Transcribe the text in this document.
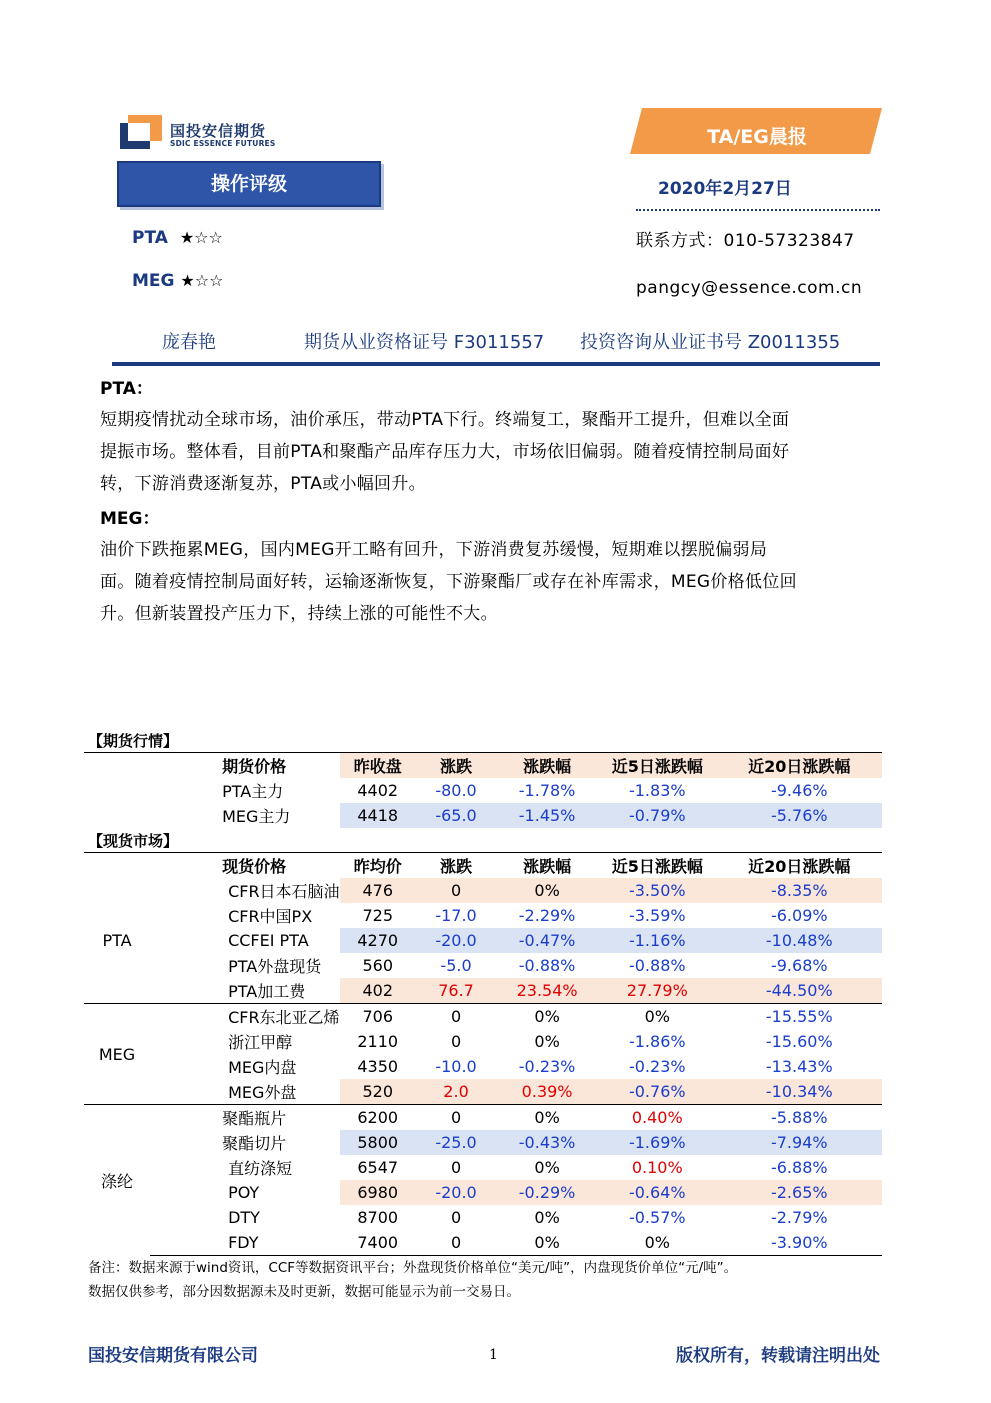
国投安信期货
SDIC ESSENCE FUTURES
操作评级
TA/EG晨报
2020年2月27日
联系方式：010-57323847
pangcy@essence.com.cn
PTA ★☆☆
MEG ★☆☆
庞春艳	期货从业资格证号 F3011557 投资咨询从业证书号 Z0011355
PTA：
短期疫情扰动全球市场，油价承压，带动PTA下行。终端复工，聚酯开工提升，但难以全面
提振市场。整体看，目前PTA和聚酯产品库存压力大，市场依旧偏弱。随着疫情控制局面好
转，下游消费逐渐复苏，PTA或小幅回升。
MEG：
油价下跌拖累MEG，国内MEG开工略有回升，下游消费复苏缓慢，短期难以摆脱偏弱局
面。随着疫情控制局面好转，运输逐渐恢复，下游聚酯厂或存在补库需求，MEG价格低位回
升。但新装置投产压力下，持续上涨的可能性不大。
【期货行情】						
	期货价格	昨收盘	涨跌	涨跌幅	近5日涨跌幅	近20日涨跌幅
	PTA主力	4402	-80.0	-1.78%	-1.83%	-9.46%
	MEG主力	4418	-65.0	-1.45%	-0.79%	-5.76%
【现货市场】						
	现货价格	昨均价	涨跌	涨跌幅	近5日涨跌幅	近20日涨跌幅
PTA	CFR日本石脑油	476	0	0%	-3.50%	-8.35%
	CFR中国PX	725	-17.0	-2.29%	-3.59%	-6.09%
	CCFEI PTA	4270	-20.0	-0.47%	-1.16%	-10.48%
	PTA外盘现货	560	-5.0	-0.88%	-0.88%	-9.68%
	PTA加工费	402	76.7	23.54%	27.79%	-44.50%
MEG	CFR东北亚乙烯	706	0	0%	0%	-15.55%
	浙江甲醇	2110	0	0%	-1.86%	-15.60%
	MEG内盘	4350	-10.0	-0.23%	-0.23%	-13.43%
	MEG外盘	520	2.0	0.39%	-0.76%	-10.34%
涤纶	聚酯瓶片	6200	0	0%	0.40%	-5.88%
	聚酯切片	5800	-25.0	-0.43%	-1.69%	-7.94%
	直纺涤短	6547	0	0%	0.10%	-6.88%
	POY	6980	-20.0	-0.29%	-0.64%	-2.65%
	DTY	8700	0	0%	-0.57%	-2.79%
	FDY	7400	0	0%	0%	-3.90%
备注：数据来源于wind资讯，CCF等数据资讯平台；外盘现货价格单位“美元/吨”，内盘现货价单位“元/吨”。
数据仅供参考，部分因数据源未及时更新，数据可能显示为前一交易日。
国投安信期货有限公司	1	版权所有，转载请注明出处
